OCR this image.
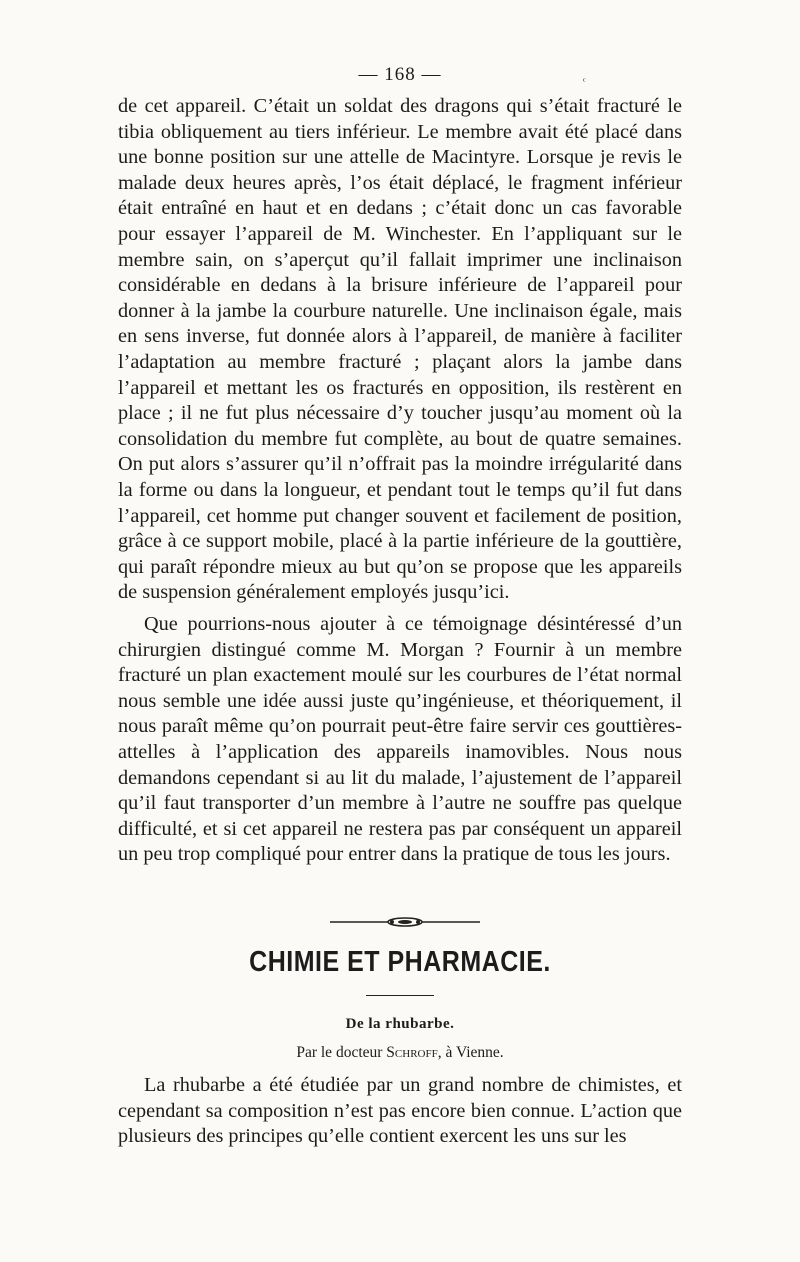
— 168 —	ᶜ

de cet appareil. C’était un soldat des dragons qui s’était fracturé le tibia obliquement au tiers inférieur. Le membre avait été placé dans une bonne position sur une attelle de Macintyre. Lorsque je revis le malade deux heures après, l’os était déplacé, le fragment inférieur était entraîné en haut et en dedans ; c’était donc un cas favorable pour essayer l’appareil de M. Winchester. En l’appliquant sur le membre sain, on s’aperçut qu’il fallait imprimer une inclinaison considérable en dedans à la brisure inférieure de l’appareil pour donner à la jambe la courbure naturelle. Une inclinaison égale, mais en sens inverse, fut donnée alors à l’appareil, de manière à faciliter l’adaptation au membre fracturé ; plaçant alors la jambe dans l’appareil et mettant les os fracturés en opposition, ils restèrent en place ; il ne fut plus nécessaire d’y toucher jusqu’au moment où la consolidation du membre fut complète, au bout de quatre semaines. On put alors s’assurer qu’il n’offrait pas la moindre irrégularité dans la forme ou dans la longueur, et pendant tout le temps qu’il fut dans l’appareil, cet homme put changer souvent et facilement de position, grâce à ce support mobile, placé à la partie inférieure de la gouttière, qui paraît répondre mieux au but qu’on se propose que les appareils de suspension généralement employés jusqu’ici.

Que pourrions-nous ajouter à ce témoignage désintéressé d’un chirurgien distingué comme M. Morgan ? Fournir à un membre fracturé un plan exactement moulé sur les courbures de l’état normal nous semble une idée aussi juste qu’ingénieuse, et théoriquement, il nous paraît même qu’on pourrait peut-être faire servir ces gouttières-attelles à l’application des appareils inamovibles. Nous nous demandons cependant si au lit du malade, l’ajustement de l’appareil qu’il faut transporter d’un membre à l’autre ne souffre pas quelque difficulté, et si cet appareil ne restera pas par conséquent un appareil un peu trop compliqué pour entrer dans la pratique de tous les jours.

CHIMIE ET PHARMACIE.
De la rhubarbe.
Par le docteur Schroff, à Vienne.

La rhubarbe a été étudiée par un grand nombre de chimistes, et cependant sa composition n’est pas encore bien connue. L’action que plusieurs des principes qu’elle contient exercent les uns sur les
